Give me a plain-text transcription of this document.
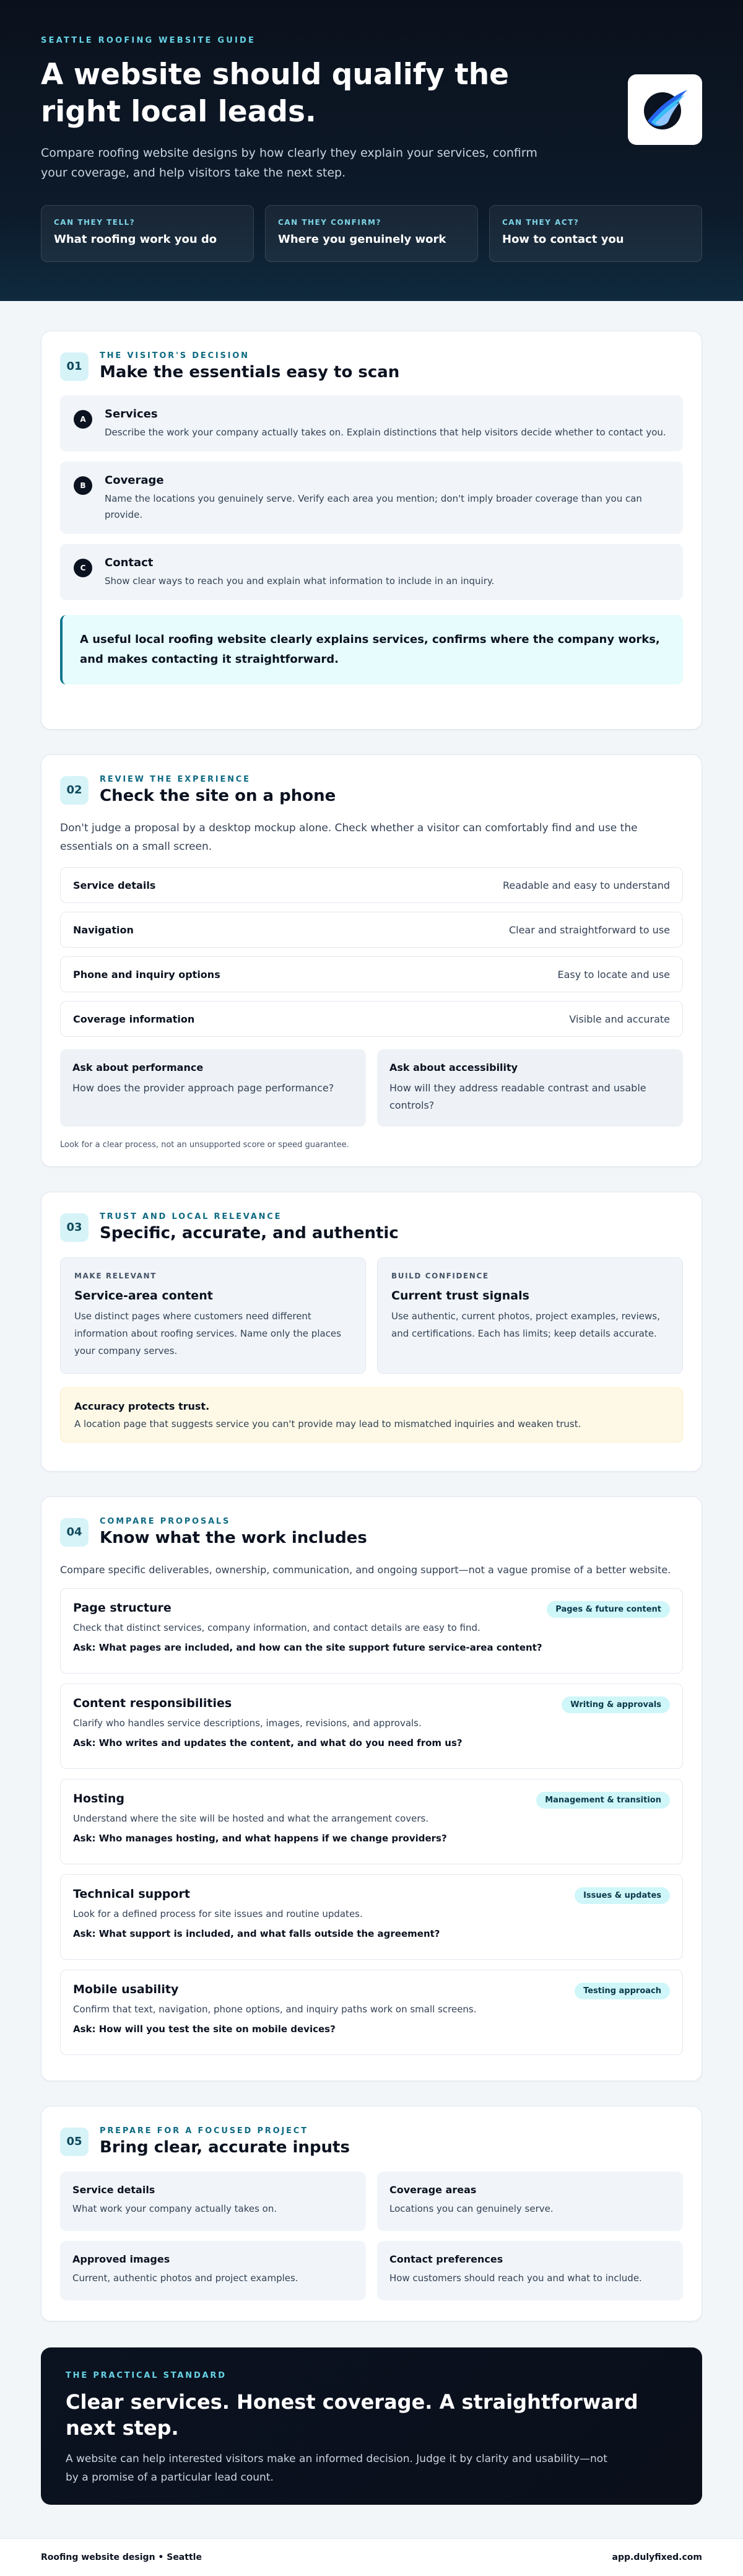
SEATTLE ROOFING WEBSITE GUIDE
A website should qualify the right local leads.

Compare roofing website designs by how clearly they explain your services, confirm your coverage, and help visitors take the next step.

CAN THEY TELL?
What roofing work you do
CAN THEY CONFIRM?
Where you genuinely work
CAN THEY ACT?
How to contact you
01
THE VISITOR'S DECISION
Make the essentials easy to scan
A	Services
Describe the work your company actually takes on. Explain distinctions that help visitors decide whether to contact you.
B	Coverage
Name the locations you genuinely serve. Verify each area you mention; don't imply broader coverage than you can provide.
C	Contact
Show clear ways to reach you and explain what information to include in an inquiry.
A useful local roofing website clearly explains services, confirms where the company works, and makes contacting it straightforward.
02
REVIEW THE EXPERIENCE
Check the site on a phone

Don't judge a proposal by a desktop mockup alone. Check whether a visitor can comfortably find and use the essentials on a small screen.

Service details	Readable and easy to understand
Navigation	Clear and straightforward to use
Phone and inquiry options	Easy to locate and use
Coverage information	Visible and accurate
Ask about performance
How does the provider approach page performance?
Ask about accessibility
How will they address readable contrast and usable controls?

Look for a clear process, not an unsupported score or speed guarantee.

03
TRUST AND LOCAL RELEVANCE
Specific, accurate, and authentic
MAKE RELEVANT
Service-area content
Use distinct pages where customers need different information about roofing services. Name only the places your company serves.
BUILD CONFIDENCE
Current trust signals
Use authentic, current photos, project examples, reviews, and certifications. Each has limits; keep details accurate.
Accuracy protects trust.
A location page that suggests service you can't provide may lead to mismatched inquiries and weaken trust.
04
COMPARE PROPOSALS
Know what the work includes

Compare specific deliverables, ownership, communication, and ongoing support—not a vague promise of a better website.

Pages & future content
Page structure
Check that distinct services, company information, and contact details are easy to find.
Ask: What pages are included, and how can the site support future service-area content?
Writing & approvals
Content responsibilities
Clarify who handles service descriptions, images, revisions, and approvals.
Ask: Who writes and updates the content, and what do you need from us?
Management & transition
Hosting
Understand where the site will be hosted and what the arrangement covers.
Ask: Who manages hosting, and what happens if we change providers?
Issues & updates
Technical support
Look for a defined process for site issues and routine updates.
Ask: What support is included, and what falls outside the agreement?
Testing approach
Mobile usability
Confirm that text, navigation, phone options, and inquiry paths work on small screens.
Ask: How will you test the site on mobile devices?
05
PREPARE FOR A FOCUSED PROJECT
Bring clear, accurate inputs
Service details
What work your company actually takes on.
Coverage areas
Locations you can genuinely serve.
Approved images
Current, authentic photos and project examples.
Contact preferences
How customers should reach you and what to include.
THE PRACTICAL STANDARD
Clear services. Honest coverage. A straightforward next step.
A website can help interested visitors make an informed decision. Judge it by clarity and usability—not by a promise of a particular lead count.
Roofing website design • Seattle	app.dulyfixed.com
